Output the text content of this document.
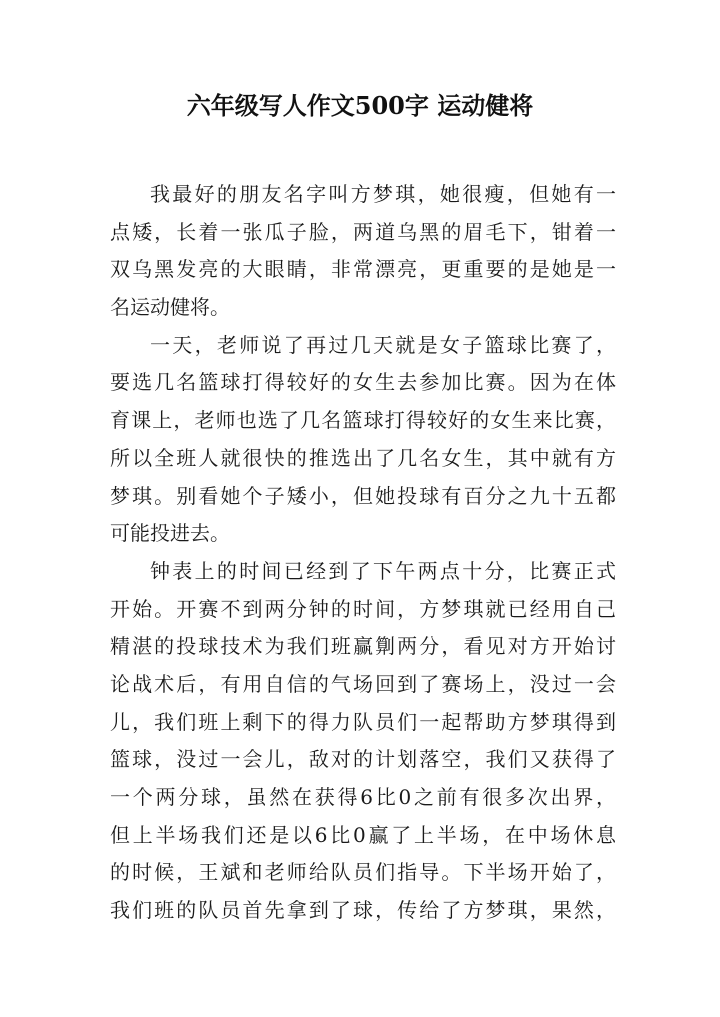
六年级写人作文500字 运动健将
我最好的朋友名字叫方梦琪，她很瘦，但她有一
点矮，长着一张瓜子脸，两道乌黑的眉毛下，钳着一
双乌黑发亮的大眼睛，非常漂亮，更重要的是她是一
名运动健将。
一天，老师说了再过几天就是女子篮球比赛了，
要选几名篮球打得较好的女生去参加比赛。因为在体
育课上，老师也选了几名篮球打得较好的女生来比赛，
所以全班人就很快的推选出了几名女生，其中就有方
梦琪。别看她个子矮小，但她投球有百分之九十五都
可能投进去。
钟表上的时间已经到了下午两点十分，比赛正式
开始。开赛不到两分钟的时间，方梦琪就已经用自己
精湛的投球技术为我们班赢㔍两分，看见对方开始讨
论战术后，有用自信的气场回到了赛场上，没过一会
儿，我们班上剩下的得力队员们一起帮助方梦琪得到
篮球，没过一会儿，敌对的计划落空，我们又获得了
一个两分球，虽然在获得6比0之前有很多次出界，
但上半场我们还是以6比0赢了上半场，在中场休息
的时候，王斌和老师给队员们指导。下半场开始了，
我们班的队员首先拿到了球，传给了方梦琪，果然，
